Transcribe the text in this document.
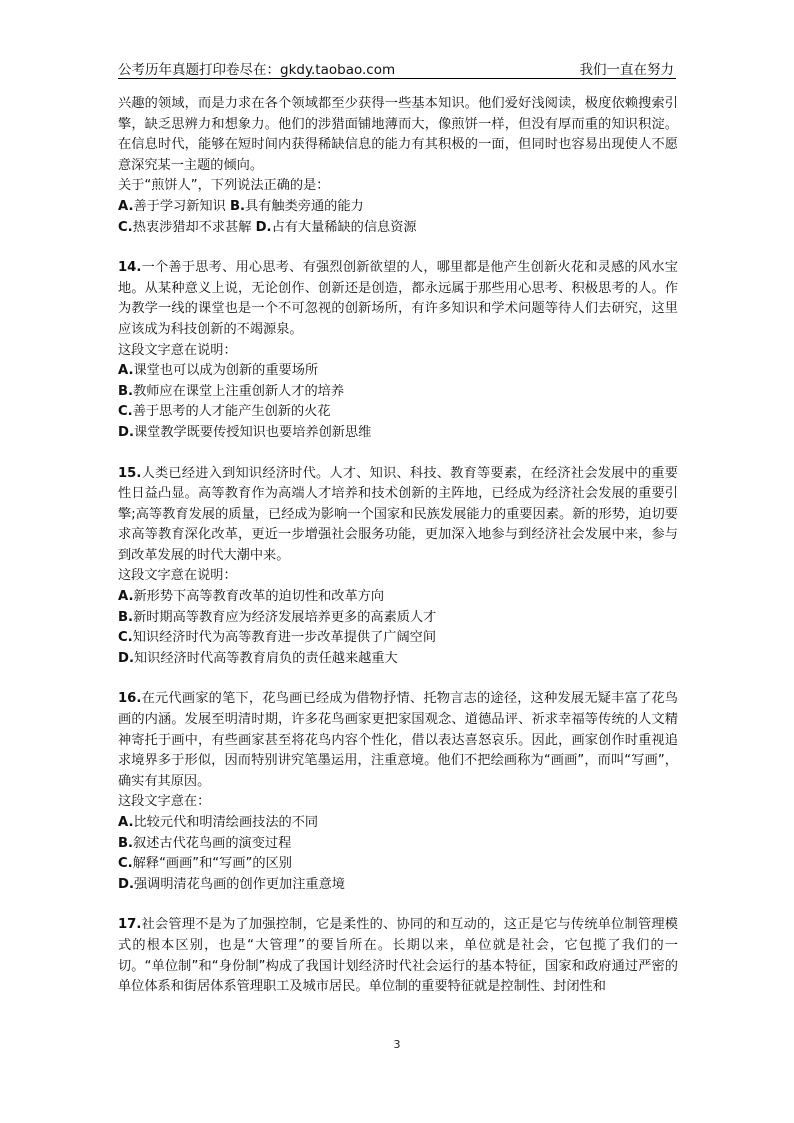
公考历年真题打印卷尽在：gkdy.taobao.com	我们一直在努力

兴趣的领域，而是力求在各个领域都至少获得一些基本知识。他们爱好浅阅读，极度依赖搜索引擎，缺乏思辨力和想象力。他们的涉猎面铺地薄而大，像煎饼一样，但没有厚而重的知识积淀。在信息时代，能够在短时间内获得稀缺信息的能力有其积极的一面，但同时也容易出现使人不愿意深究某一主题的倾向。

关于“煎饼人”，下列说法正确的是：

A.善于学习新知识 B.具有触类旁通的能力

C.热衷涉猎却不求甚解 D.占有大量稀缺的信息资源

14.一个善于思考、用心思考、有强烈创新欲望的人，哪里都是他产生创新火花和灵感的风水宝地。从某种意义上说，无论创作、创新还是创造，都永远属于那些用心思考、积极思考的人。作为教学一线的课堂也是一个不可忽视的创新场所，有许多知识和学术问题等待人们去研究，这里应该成为科技创新的不竭源泉。

这段文字意在说明：

A.课堂也可以成为创新的重要场所

B.教师应在课堂上注重创新人才的培养

C.善于思考的人才能产生创新的火花

D.课堂教学既要传授知识也要培养创新思维

15.人类已经进入到知识经济时代。人才、知识、科技、教育等要素，在经济社会发展中的重要性日益凸显。高等教育作为高端人才培养和技术创新的主阵地，已经成为经济社会发展的重要引擎;高等教育发展的质量，已经成为影响一个国家和民族发展能力的重要因素。新的形势，迫切要求高等教育深化改革，更近一步增强社会服务功能，更加深入地参与到经济社会发展中来，参与到改革发展的时代大潮中来。

这段文字意在说明：

A.新形势下高等教育改革的迫切性和改革方向

B.新时期高等教育应为经济发展培养更多的高素质人才

C.知识经济时代为高等教育进一步改革提供了广阔空间

D.知识经济时代高等教育肩负的责任越来越重大

16.在元代画家的笔下，花鸟画已经成为借物抒情、托物言志的途径，这种发展无疑丰富了花鸟画的内涵。发展至明清时期，许多花鸟画家更把家国观念、道德品评、祈求幸福等传统的人文精神寄托于画中，有些画家甚至将花鸟内容个性化，借以表达喜怒哀乐。因此，画家创作时重视追求境界多于形似，因而特别讲究笔墨运用，注重意境。他们不把绘画称为“画画”，而叫“写画”，确实有其原因。

这段文字意在：

A.比较元代和明清绘画技法的不同

B.叙述古代花鸟画的演变过程

C.解释“画画”和“写画”的区别

D.强调明清花鸟画的创作更加注重意境

17.社会管理不是为了加强控制，它是柔性的、协同的和互动的，这正是它与传统单位制管理模式的根本区别，也是“大管理”的要旨所在。长期以来，单位就是社会，它包揽了我们的一切。“单位制”和“身份制”构成了我国计划经济时代社会运行的基本特征，国家和政府通过严密的单位体系和街居体系管理职工及城市居民。单位制的重要特征就是控制性、封闭性和

3
